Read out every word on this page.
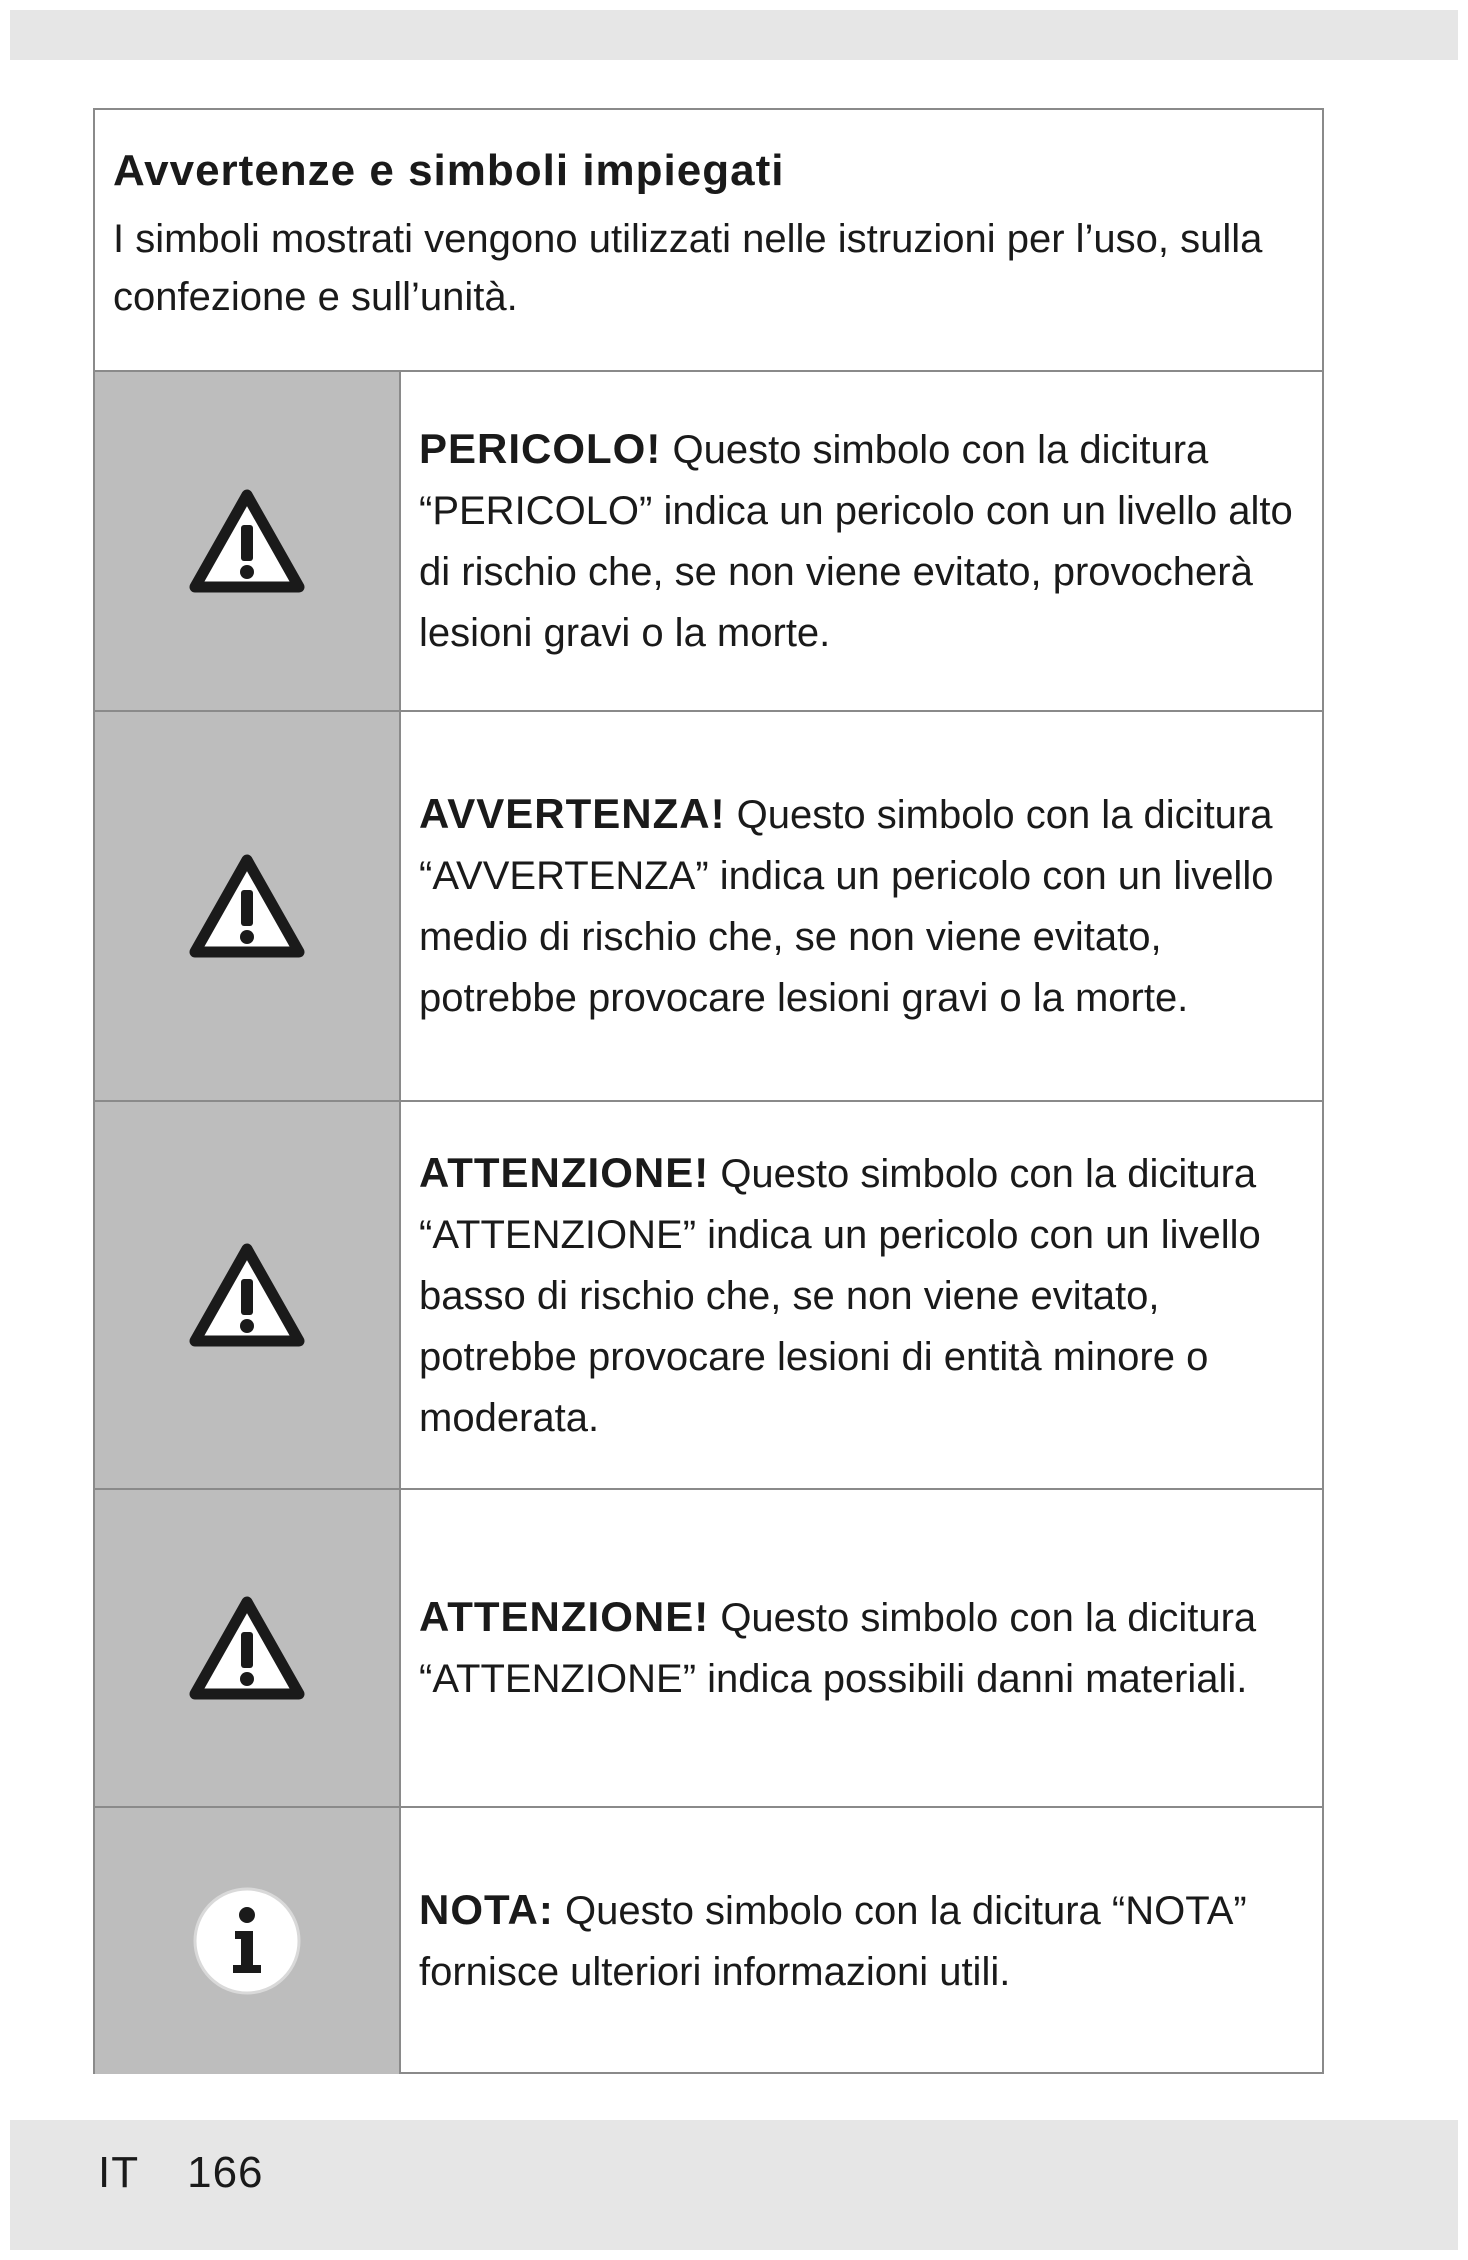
Avvertenze e simboli impiegati

I simboli mostrati vengono utilizzati nelle istruzioni per l’uso, sulla confezione e sull’unità.

PERICOLO! Questo simbolo con la dicitura “PERICOLO” indica un pericolo con un livello alto di rischio che, se non viene evitato, provocherà lesioni gravi o la morte.

AVVERTENZA! Questo simbolo con la dicitura “AVVERTENZA” indica un pericolo con un livello medio di rischio che, se non viene evitato, potrebbe provocare lesioni gravi o la morte.

ATTENZIONE! Questo simbolo con la dicitura “ATTENZIONE” indica un pericolo con un livello basso di rischio che, se non viene evitato, potrebbe provocare lesioni di entità minore o moderata.

ATTENZIONE! Questo simbolo con la dicitura “ATTENZIONE” indica possibili danni materiali.

NOTA: Questo simbolo con la dicitura “NOTA” fornisce ulteriori informazioni utili.

IT 166
